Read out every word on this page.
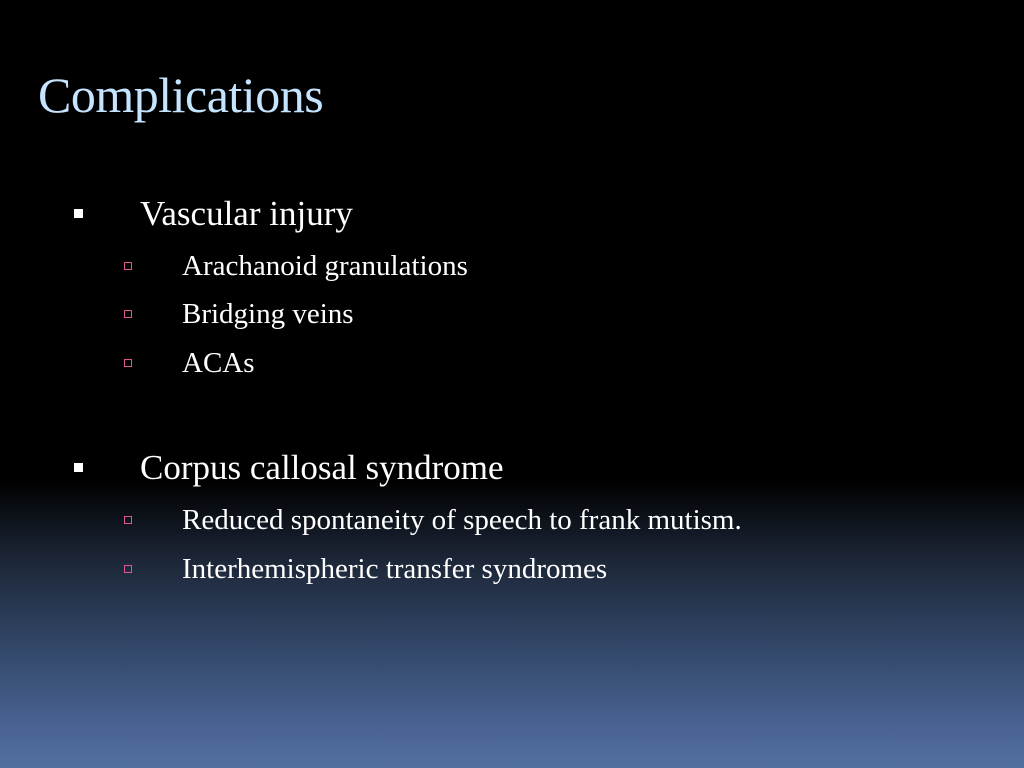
Complications
Vascular injury
Arachanoid granulations
Bridging veins
ACAs
Corpus callosal syndrome
Reduced spontaneity of speech to frank mutism.
Interhemispheric transfer syndromes
